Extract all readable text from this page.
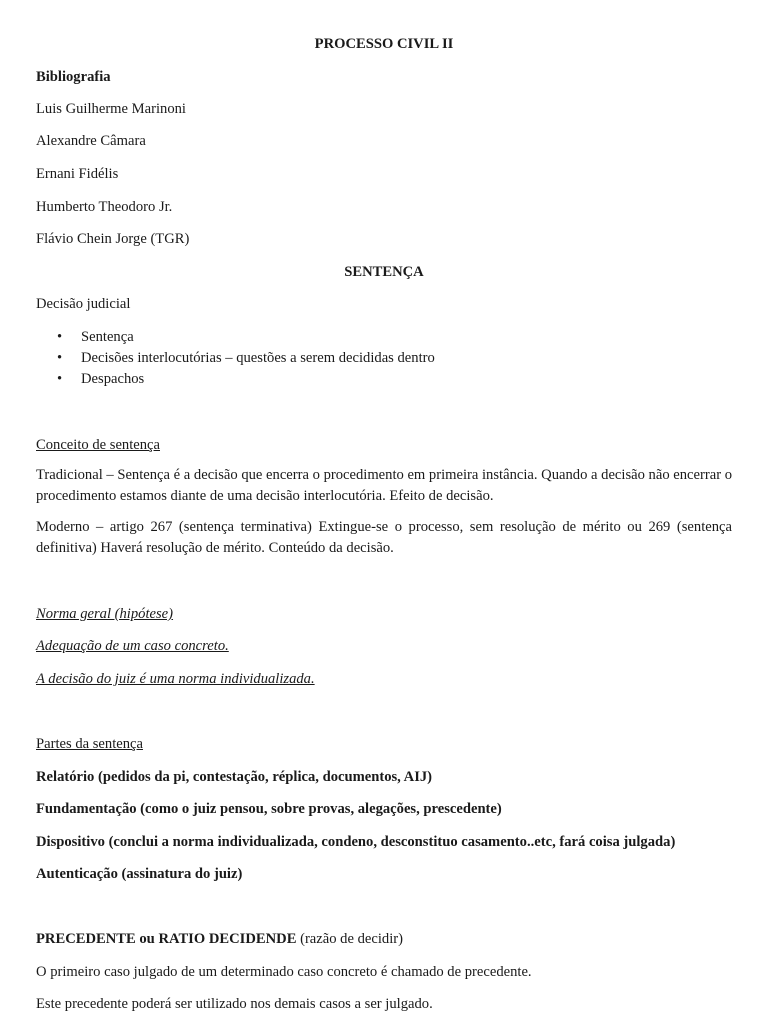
PROCESSO CIVIL II
Bibliografia
Luis Guilherme Marinoni
Alexandre Câmara
Ernani Fidélis
Humberto Theodoro Jr.
Flávio Chein Jorge (TGR)
SENTENÇA
Decisão judicial
• Sentença
• Decisões interlocutórias – questões a serem decididas dentro
• Despachos
Conceito de sentença
Tradicional – Sentença é a decisão que encerra o procedimento em primeira instância. Quando a decisão não encerrar o procedimento estamos diante de uma decisão interlocutória. Efeito de decisão.
Moderno – artigo 267 (sentença terminativa) Extingue-se o processo, sem resolução de mérito ou 269 (sentença definitiva) Haverá resolução de mérito. Conteúdo da decisão.
Norma geral (hipótese)
Adequação de um caso concreto.
A decisão do juiz é uma norma individualizada.
Partes da sentença
Relatório (pedidos da pi, contestação, réplica, documentos, AIJ)
Fundamentação (como o juiz pensou, sobre provas, alegações, prescedente)
Dispositivo (conclui a norma individualizada, condeno, desconstituo casamento..etc, fará coisa julgada)
Autenticação (assinatura do juiz)
PRECEDENTE ou RATIO DECIDENDE (razão de decidir)
O primeiro caso julgado de um determinado caso concreto é chamado de precedente.
Este precedente poderá ser utilizado nos demais casos a ser julgado.
